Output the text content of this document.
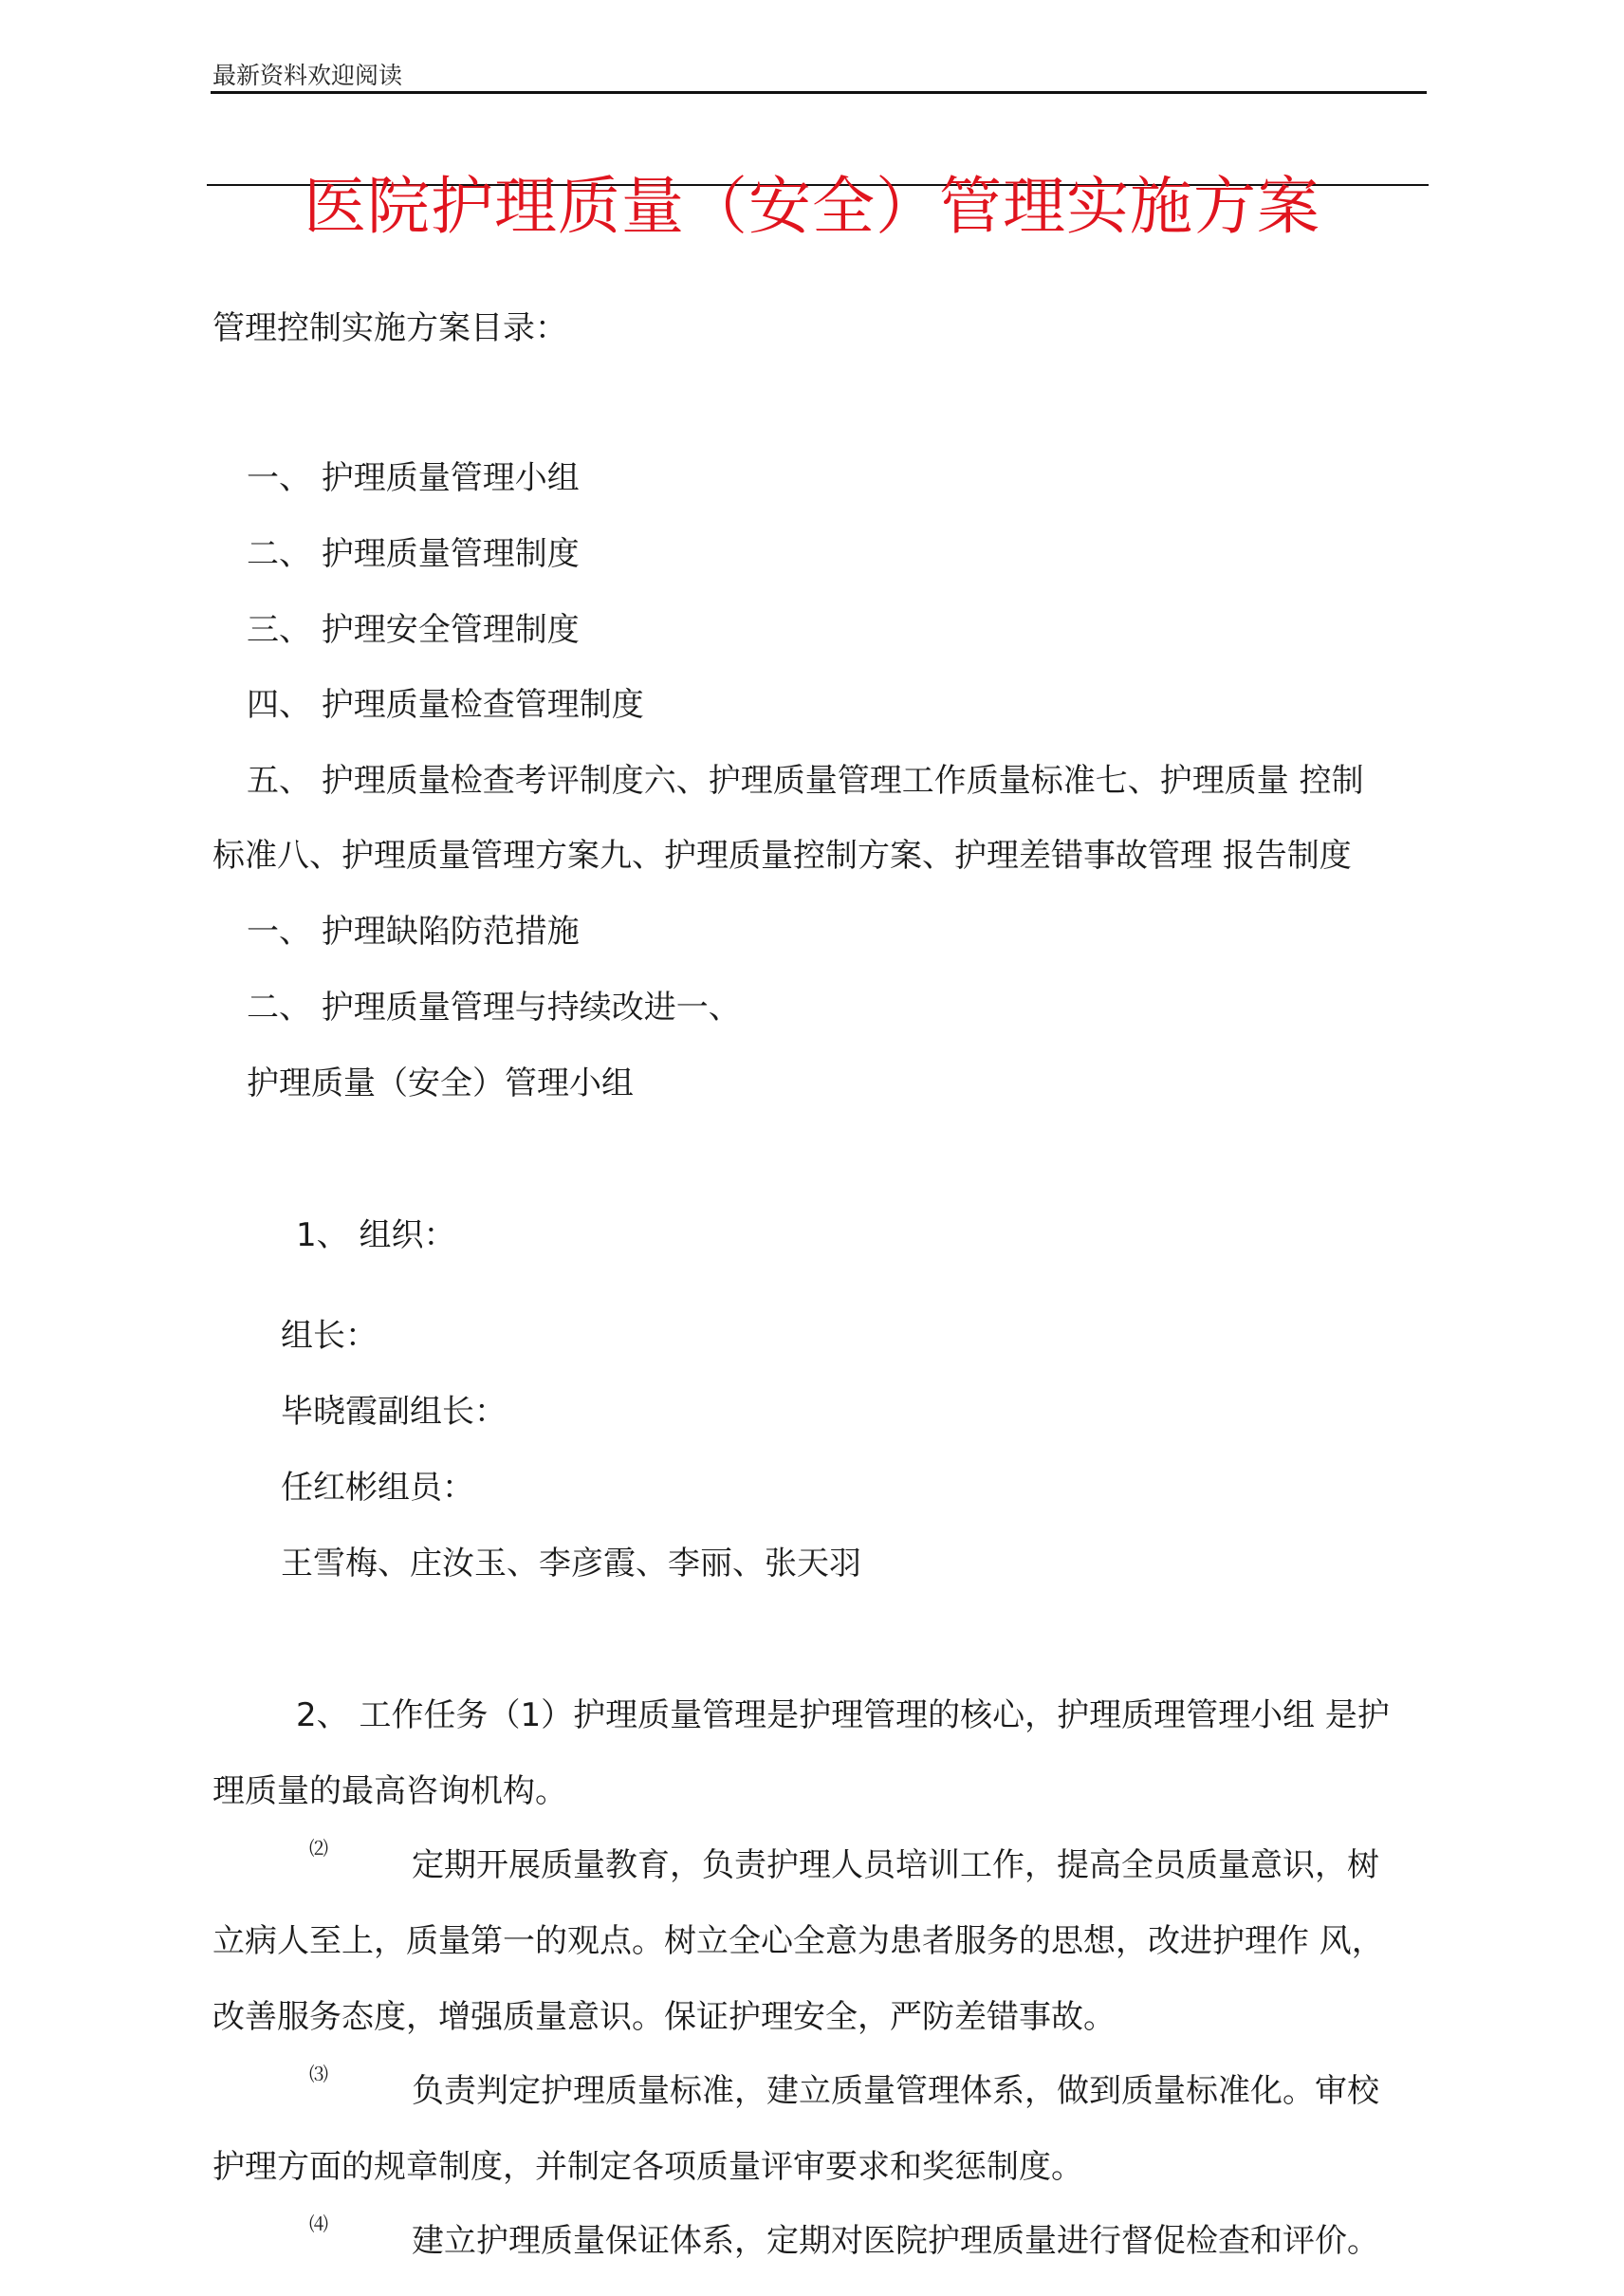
最新资料欢迎阅读
医院护理质量（安全）管理实施方案
管理控制实施方案目录：
一、 护理质量管理小组
二、 护理质量管理制度
三、 护理安全管理制度
四、 护理质量检查管理制度
五、 护理质量检查考评制度六、护理质量管理工作质量标准七、护理质量 控制
标准八、护理质量管理方案九、护理质量控制方案、护理差错事故管理 报告制度
一、 护理缺陷防范措施
二、 护理质量管理与持续改进一、
护理质量（安全）管理小组
1、 组织：
组长：
毕晓霞副组长：
任红彬组员：
王雪梅、庄汝玉、李彦霞、李丽、张天羽
2、 工作任务（1）护理质量管理是护理管理的核心，护理质理管理小组 是护
理质量的最高咨询机构。
⑵	定期开展质量教育，负责护理人员培训工作，提高全员质量意识，树
立病人至上，质量第一的观点。树立全心全意为患者服务的思想，改进护理作 风，
改善服务态度，增强质量意识。保证护理安全，严防差错事故。
⑶	负责判定护理质量标准，建立质量管理体系，做到质量标准化。审校
护理方面的规章制度，并制定各项质量评审要求和奖惩制度。
⑷	建立护理质量保证体系，定期对医院护理质量进行督促检查和评价。
